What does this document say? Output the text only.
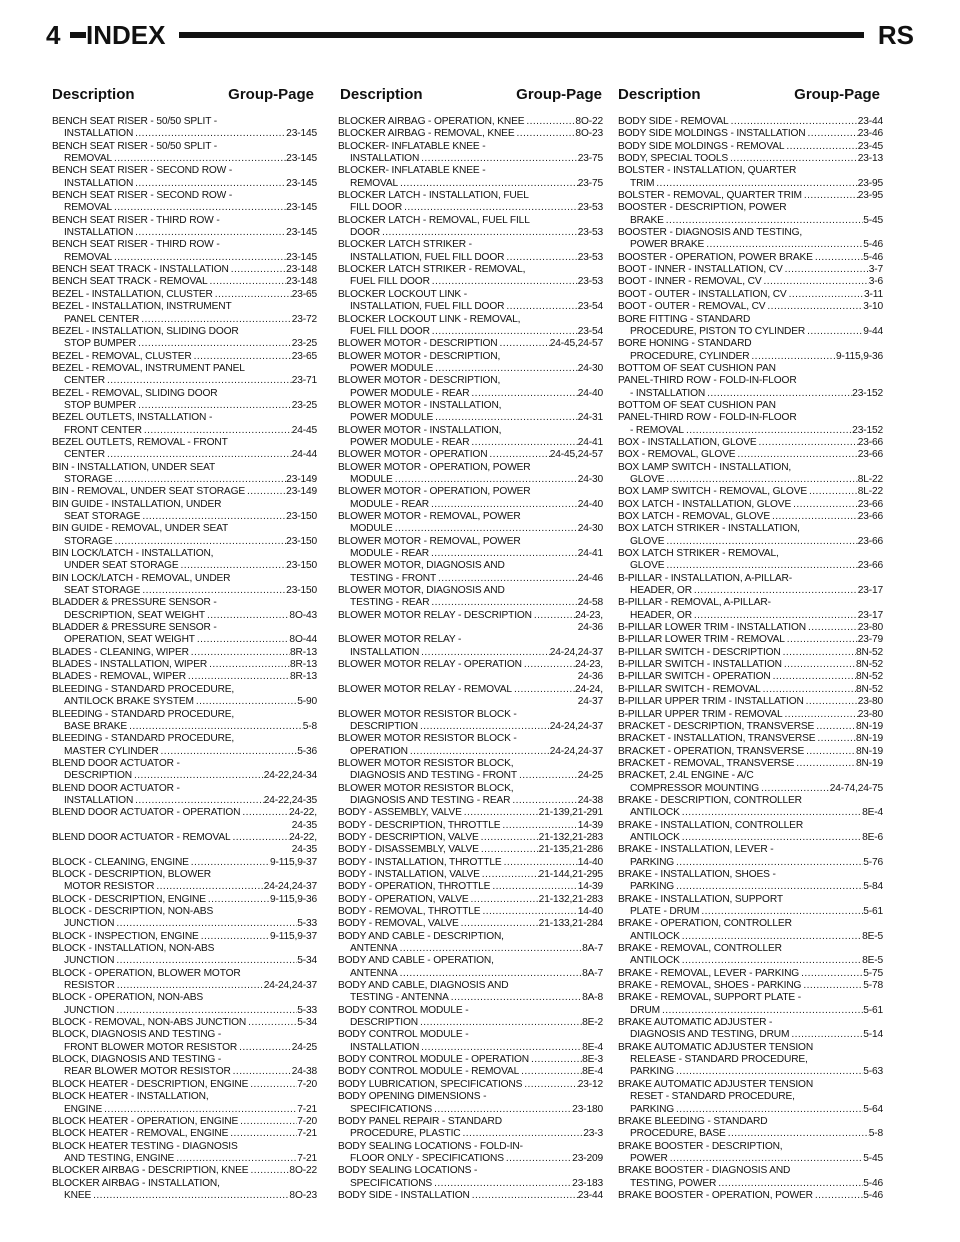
4 INDEX	RS
Description	Group-Page Description	Group-Page Description	Group-Page
BENCH SEAT RISER - 50/50 SPLIT -
INSTALLATION . . .	23-145
BENCH SEAT RISER - 50/50 SPLIT -
REMOVAL . . .	23-145
BENCH SEAT RISER - SECOND ROW -
INSTALLATION . . .	23-145
BENCH SEAT RISER - SECOND ROW -
REMOVAL . . .	23-145
BENCH SEAT RISER - THIRD ROW -
INSTALLATION . . .	23-145
BENCH SEAT RISER - THIRD ROW -
REMOVAL . . .	23-145
BENCH SEAT TRACK - INSTALLATION . . .	23-148
BENCH SEAT TRACK - REMOVAL . . .	23-148
BEZEL - INSTALLATION, CLUSTER . . .	23-65
BEZEL - INSTALLATION, INSTRUMENT
PANEL CENTER . . .	23-72
BEZEL - INSTALLATION, SLIDING DOOR
STOP BUMPER . . .	23-25
BEZEL - REMOVAL, CLUSTER . . .	23-65
BEZEL - REMOVAL, INSTRUMENT PANEL
CENTER . . .	23-71
BEZEL - REMOVAL, SLIDING DOOR
STOP BUMPER . . .	23-25
BEZEL OUTLETS, INSTALLATION -
FRONT CENTER . . .	24-45
BEZEL OUTLETS, REMOVAL - FRONT
CENTER . . .	24-44
BIN - INSTALLATION, UNDER SEAT
STORAGE . . .	23-149
BIN - REMOVAL, UNDER SEAT STORAGE . . .	23-149
BIN GUIDE - INSTALLATION, UNDER
SEAT STORAGE . . .	23-150
BIN GUIDE - REMOVAL, UNDER SEAT
STORAGE . . .	23-150
BIN LOCK/LATCH - INSTALLATION,
UNDER SEAT STORAGE . . .	23-150
BIN LOCK/LATCH - REMOVAL, UNDER
SEAT STORAGE . . .	23-150
BLADDER & PRESSURE SENSOR -
DESCRIPTION, SEAT WEIGHT . . .	8O-43
BLADDER & PRESSURE SENSOR -
OPERATION, SEAT WEIGHT . . .	8O-44
BLADES - CLEANING, WIPER . . .	8R-13
BLADES - INSTALLATION, WIPER . . .	8R-13
BLADES - REMOVAL, WIPER . . .	8R-13
BLEEDING - STANDARD PROCEDURE,
ANTILOCK BRAKE SYSTEM . . .	5-90
BLEEDING - STANDARD PROCEDURE,
BASE BRAKE . . .	5-8
BLEEDING - STANDARD PROCEDURE,
MASTER CYLINDER . . .	5-36
BLEND DOOR ACTUATOR -
DESCRIPTION . . .	24-22,24-34
BLEND DOOR ACTUATOR -
INSTALLATION . . .	24-22,24-35
BLEND DOOR ACTUATOR - OPERATION . . .	24-22,
24-35
BLEND DOOR ACTUATOR - REMOVAL . . .	24-22,
24-35
BLOCK - CLEANING, ENGINE . . .	9-115,9-37
BLOCK - DESCRIPTION, BLOWER
MOTOR RESISTOR . . .	24-24,24-37
BLOCK - DESCRIPTION, ENGINE . . .	9-115,9-36
BLOCK - DESCRIPTION, NON-ABS
JUNCTION . . .	5-33
BLOCK - INSPECTION, ENGINE . . .	9-115,9-37
BLOCK - INSTALLATION, NON-ABS
JUNCTION . . .	5-34
BLOCK - OPERATION, BLOWER MOTOR
RESISTOR . . .	24-24,24-37
BLOCK - OPERATION, NON-ABS
JUNCTION . . .	5-33
BLOCK - REMOVAL, NON-ABS JUNCTION . . .	5-34
BLOCK, DIAGNOSIS AND TESTING -
FRONT BLOWER MOTOR RESISTOR . . .	24-25
BLOCK, DIAGNOSIS AND TESTING -
REAR BLOWER MOTOR RESISTOR . . .	24-38
BLOCK HEATER - DESCRIPTION, ENGINE . . .	7-20
BLOCK HEATER - INSTALLATION,
ENGINE . . .	7-21
BLOCK HEATER - OPERATION, ENGINE . . .	7-20
BLOCK HEATER - REMOVAL, ENGINE . . .	7-21
BLOCK HEATER TESTING - DIAGNOSIS
AND TESTING, ENGINE . . .	7-21
BLOCKER AIRBAG - DESCRIPTION, KNEE . . .	8O-22
BLOCKER AIRBAG - INSTALLATION,
KNEE . . .	8O-23
BLOCKER AIRBAG - OPERATION, KNEE . . .	8O-22
BLOCKER AIRBAG - REMOVAL, KNEE . . .	8O-23
BLOCKER- INFLATABLE KNEE -
INSTALLATION . . .	23-75
BLOCKER- INFLATABLE KNEE -
REMOVAL . . .	23-75
BLOCKER LATCH - INSTALLATION, FUEL
FILL DOOR . . .	23-53
BLOCKER LATCH - REMOVAL, FUEL FILL
DOOR . . .	23-53
BLOCKER LATCH STRIKER -
INSTALLATION, FUEL FILL DOOR . . .	23-53
BLOCKER LATCH STRIKER - REMOVAL,
FUEL FILL DOOR . . .	23-53
BLOCKER LOCKOUT LINK -
INSTALLATION, FUEL FILL DOOR . . .	23-54
BLOCKER LOCKOUT LINK - REMOVAL,
FUEL FILL DOOR . . .	23-54
BLOWER MOTOR - DESCRIPTION . . .	24-45,24-57
BLOWER MOTOR - DESCRIPTION,
POWER MODULE . . .	24-30
BLOWER MOTOR - DESCRIPTION,
POWER MODULE - REAR . . .	24-40
BLOWER MOTOR - INSTALLATION,
POWER MODULE . . .	24-31
BLOWER MOTOR - INSTALLATION,
POWER MODULE - REAR . . .	24-41
BLOWER MOTOR - OPERATION . . .	24-45,24-57
BLOWER MOTOR - OPERATION, POWER
MODULE . . .	24-30
BLOWER MOTOR - OPERATION, POWER
MODULE - REAR . . .	24-40
BLOWER MOTOR - REMOVAL, POWER
MODULE . . .	24-30
BLOWER MOTOR - REMOVAL, POWER
MODULE - REAR . . .	24-41
BLOWER MOTOR, DIAGNOSIS AND
TESTING - FRONT . . .	24-46
BLOWER MOTOR, DIAGNOSIS AND
TESTING - REAR . . .	24-58
BLOWER MOTOR RELAY - DESCRIPTION . . .	24-23,
24-36
BLOWER MOTOR RELAY -
INSTALLATION . . .	24-24,24-37
BLOWER MOTOR RELAY - OPERATION . . .	24-23,
24-36
BLOWER MOTOR RELAY - REMOVAL . . .	24-24,
24-37
BLOWER MOTOR RESISTOR BLOCK -
DESCRIPTION . . .	24-24,24-37
BLOWER MOTOR RESISTOR BLOCK -
OPERATION . . .	24-24,24-37
BLOWER MOTOR RESISTOR BLOCK,
DIAGNOSIS AND TESTING - FRONT . . .	24-25
BLOWER MOTOR RESISTOR BLOCK,
DIAGNOSIS AND TESTING - REAR . . .	24-38
BODY - ASSEMBLY, VALVE . . .	21-139,21-291
BODY - DESCRIPTION, THROTTLE . . .	14-39
BODY - DESCRIPTION, VALVE . . .	21-132,21-283
BODY - DISASSEMBLY, VALVE . . .	21-135,21-286
BODY - INSTALLATION, THROTTLE . . .	14-40
BODY - INSTALLATION, VALVE . . .	21-144,21-295
BODY - OPERATION, THROTTLE . . .	14-39
BODY - OPERATION, VALVE . . .	21-132,21-283
BODY - REMOVAL, THROTTLE . . .	14-40
BODY - REMOVAL, VALVE . . .	21-133,21-284
BODY AND CABLE - DESCRIPTION,
ANTENNA . . .	8A-7
BODY AND CABLE - OPERATION,
ANTENNA . . .	8A-7
BODY AND CABLE, DIAGNOSIS AND
TESTING - ANTENNA . . .	8A-8
BODY CONTROL MODULE -
DESCRIPTION . . .	8E-2
BODY CONTROL MODULE -
INSTALLATION . . .	8E-4
BODY CONTROL MODULE - OPERATION . . .	8E-3
BODY CONTROL MODULE - REMOVAL . . .	8E-4
BODY LUBRICATION, SPECIFICATIONS . . .	23-12
BODY OPENING DIMENSIONS -
SPECIFICATIONS . . .	23-180
BODY PANEL REPAIR - STANDARD
PROCEDURE, PLASTIC . . .	23-3
BODY SEALING LOCATIONS - FOLD-IN-
FLOOR ONLY - SPECIFICATIONS . . .	23-209
BODY SEALING LOCATIONS -
SPECIFICATIONS . . .	23-183
BODY SIDE - INSTALLATION . . .	23-44
BODY SIDE - REMOVAL . . .	23-44
BODY SIDE MOLDINGS - INSTALLATION . . .	23-46
BODY SIDE MOLDINGS - REMOVAL . . .	23-45
BODY, SPECIAL TOOLS . . .	23-13
BOLSTER - INSTALLATION, QUARTER
TRIM . . .	23-95
BOLSTER - REMOVAL, QUARTER TRIM . . .	23-95
BOOSTER - DESCRIPTION, POWER
BRAKE . . .	5-45
BOOSTER - DIAGNOSIS AND TESTING,
POWER BRAKE . . .	5-46
BOOSTER - OPERATION, POWER BRAKE . . .	5-46
BOOT - INNER - INSTALLATION, CV . . .	3-7
BOOT - INNER - REMOVAL, CV . . .	3-6
BOOT - OUTER - INSTALLATION, CV . . .	3-11
BOOT - OUTER - REMOVAL, CV . . .	3-10
BORE FITTING - STANDARD
PROCEDURE, PISTON TO CYLINDER . . .	9-44
BORE HONING - STANDARD
PROCEDURE, CYLINDER . . .	9-115,9-36
BOTTOM OF SEAT CUSHION PAN
PANEL-THIRD ROW - FOLD-IN-FLOOR
- INSTALLATION . . .	23-152
BOTTOM OF SEAT CUSHION PAN
PANEL-THIRD ROW - FOLD-IN-FLOOR
- REMOVAL . . .	23-152
BOX - INSTALLATION, GLOVE . . .	23-66
BOX - REMOVAL, GLOVE . . .	23-66
BOX LAMP SWITCH - INSTALLATION,
GLOVE . . .	8L-22
BOX LAMP SWITCH - REMOVAL, GLOVE . . .	8L-22
BOX LATCH - INSTALLATION, GLOVE . . .	23-66
BOX LATCH - REMOVAL, GLOVE . . .	23-66
BOX LATCH STRIKER - INSTALLATION,
GLOVE . . .	23-66
BOX LATCH STRIKER - REMOVAL,
GLOVE . . .	23-66
B-PILLAR - INSTALLATION, A-PILLAR-
HEADER, OR . . .	23-17
B-PILLAR - REMOVAL, A-PILLAR-
HEADER, OR . . .	23-17
B-PILLAR LOWER TRIM - INSTALLATION . . .	23-80
B-PILLAR LOWER TRIM - REMOVAL . . .	23-79
B-PILLAR SWITCH - DESCRIPTION . . .	8N-52
B-PILLAR SWITCH - INSTALLATION . . .	8N-52
B-PILLAR SWITCH - OPERATION . . .	8N-52
B-PILLAR SWITCH - REMOVAL . . .	8N-52
B-PILLAR UPPER TRIM - INSTALLATION . . .	23-80
B-PILLAR UPPER TRIM - REMOVAL . . .	23-80
BRACKET - DESCRIPTION, TRANSVERSE . . .	8N-19
BRACKET - INSTALLATION, TRANSVERSE . . .	8N-19
BRACKET - OPERATION, TRANSVERSE . . .	8N-19
BRACKET - REMOVAL, TRANSVERSE . . .	8N-19
BRACKET, 2.4L ENGINE - A/C
COMPRESSOR MOUNTING . . .	24-74,24-75
BRAKE - DESCRIPTION, CONTROLLER
ANTILOCK . . .	8E-4
BRAKE - INSTALLATION, CONTROLLER
ANTILOCK . . .	8E-6
BRAKE - INSTALLATION, LEVER -
PARKING . . .	5-76
BRAKE - INSTALLATION, SHOES -
PARKING . . .	5-84
BRAKE - INSTALLATION, SUPPORT
PLATE - DRUM . . .	5-61
BRAKE - OPERATION, CONTROLLER
ANTILOCK . . .	8E-5
BRAKE - REMOVAL, CONTROLLER
ANTILOCK . . .	8E-5
BRAKE - REMOVAL, LEVER - PARKING . . .	5-75
BRAKE - REMOVAL, SHOES - PARKING . . .	5-78
BRAKE - REMOVAL, SUPPORT PLATE -
DRUM . . .	5-61
BRAKE AUTOMATIC ADJUSTER -
DIAGNOSIS AND TESTING, DRUM . . .	5-14
BRAKE AUTOMATIC ADJUSTER TENSION
RELEASE - STANDARD PROCEDURE,
PARKING . . .	5-63
BRAKE AUTOMATIC ADJUSTER TENSION
RESET - STANDARD PROCEDURE,
PARKING . . .	5-64
BRAKE BLEEDING - STANDARD
PROCEDURE, BASE . . .	5-8
BRAKE BOOSTER - DESCRIPTION,
POWER . . .	5-45
BRAKE BOOSTER - DIAGNOSIS AND
TESTING, POWER . . .	5-46
BRAKE BOOSTER - OPERATION, POWER . . .	5-46
